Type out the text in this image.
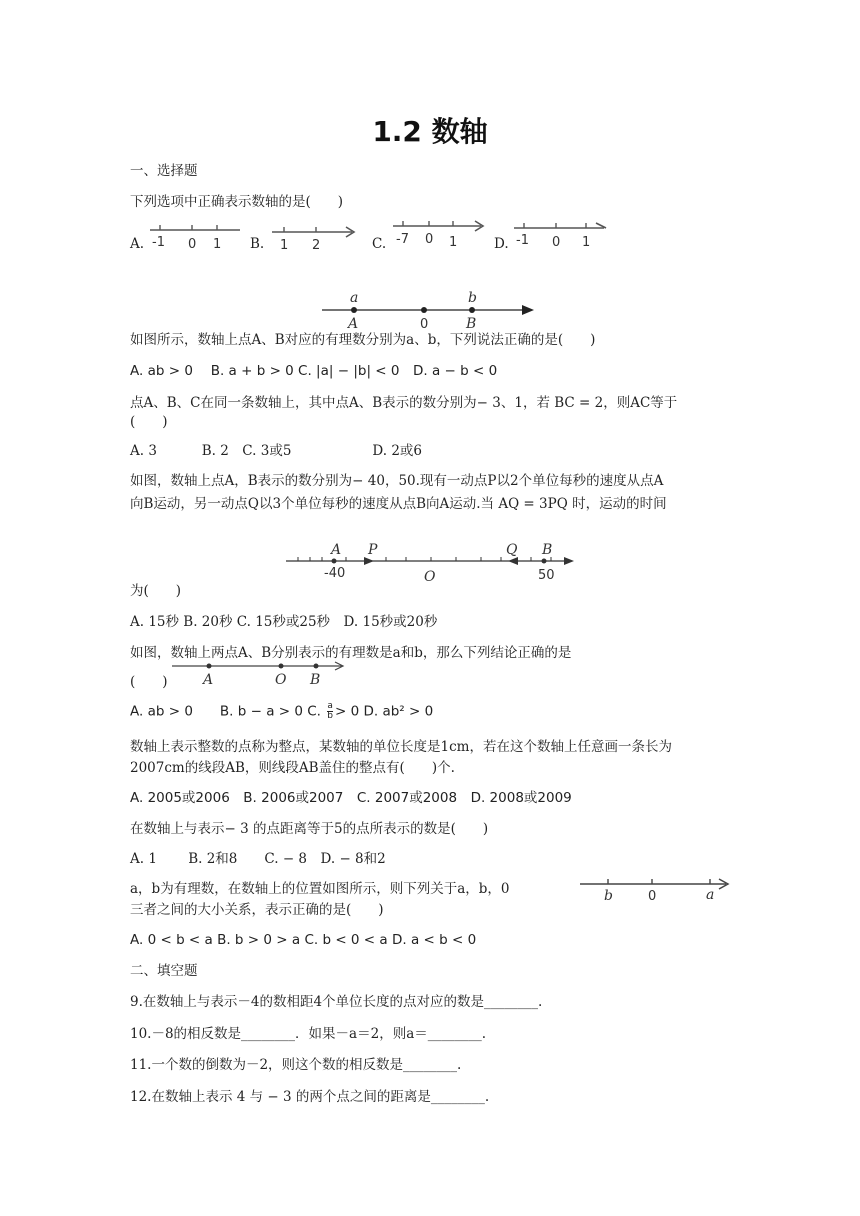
1.2 数轴
一、选择题
下列选项中正确表示数轴的是(　　)
A. -1 0 1 B. 1 2	C. -7 0 1	D. -1 0 1
a	b
A	0	B
如图所示，数轴上点A、B对应的有理数分别为a、b，下列说法正确的是(　　)
A. ab > 0　 B. a + b > 0 C. |a| − |b| < 0　D. a − b < 0
点A、B、C在同一条数轴上，其中点A、B表示的数分别为− 3、1，若 BC = 2，则AC等于
(　　)
A. 3　　　 B. 2　C. 3或5　　　　　　D. 2或6
如图，数轴上点A，B表示的数分别为− 40，50.现有一动点P以2个单位每秒的速度从点A
向B运动，另一动点Q以3个单位每秒的速度从点B向A运动.当 AQ = 3PQ 时，运动的时间
A P	Q B
-40	O	50
为(　　)
A. 15秒 B. 20秒 C. 15秒或25秒　D. 15秒或20秒
如图，数轴上两点A、B分别表示的有理数是a和b，那么下列结论正确的是
A	O B
(　　)
A. ab > 0　　B. b − a > 0 C. $\frac{a}{b} > 0$ D. ab² > 0
数轴上表示整数的点称为整点，某数轴的单位长度是1cm，若在这个数轴上任意画一条长为
2007cm的线段AB，则线段AB盖住的整点有(　　)个.
A. 2005或2006　B. 2006或2007　C. 2007或2008　D. 2008或2009
在数轴上与表示− 3 的点距离等于5的点所表示的数是(　　)
A. 1　　 B. 2和8　　C. − 8　D. − 8和2
a，b为有理数，在数轴上的位置如图所示，则下列关于a，b，0	b	0	a
三者之间的大小关系，表示正确的是(　　)
A. 0 < b < a B. b > 0 > a C. b < 0 < a D. a < b < 0
二、填空题
9.在数轴上与表示－4的数相距4个单位长度的点对应的数是________.
10.－8的相反数是________．如果－a＝2，则a＝________.
11.一个数的倒数为－2，则这个数的相反数是________.
12.在数轴上表示 4 与 − 3 的两个点之间的距离是________.
